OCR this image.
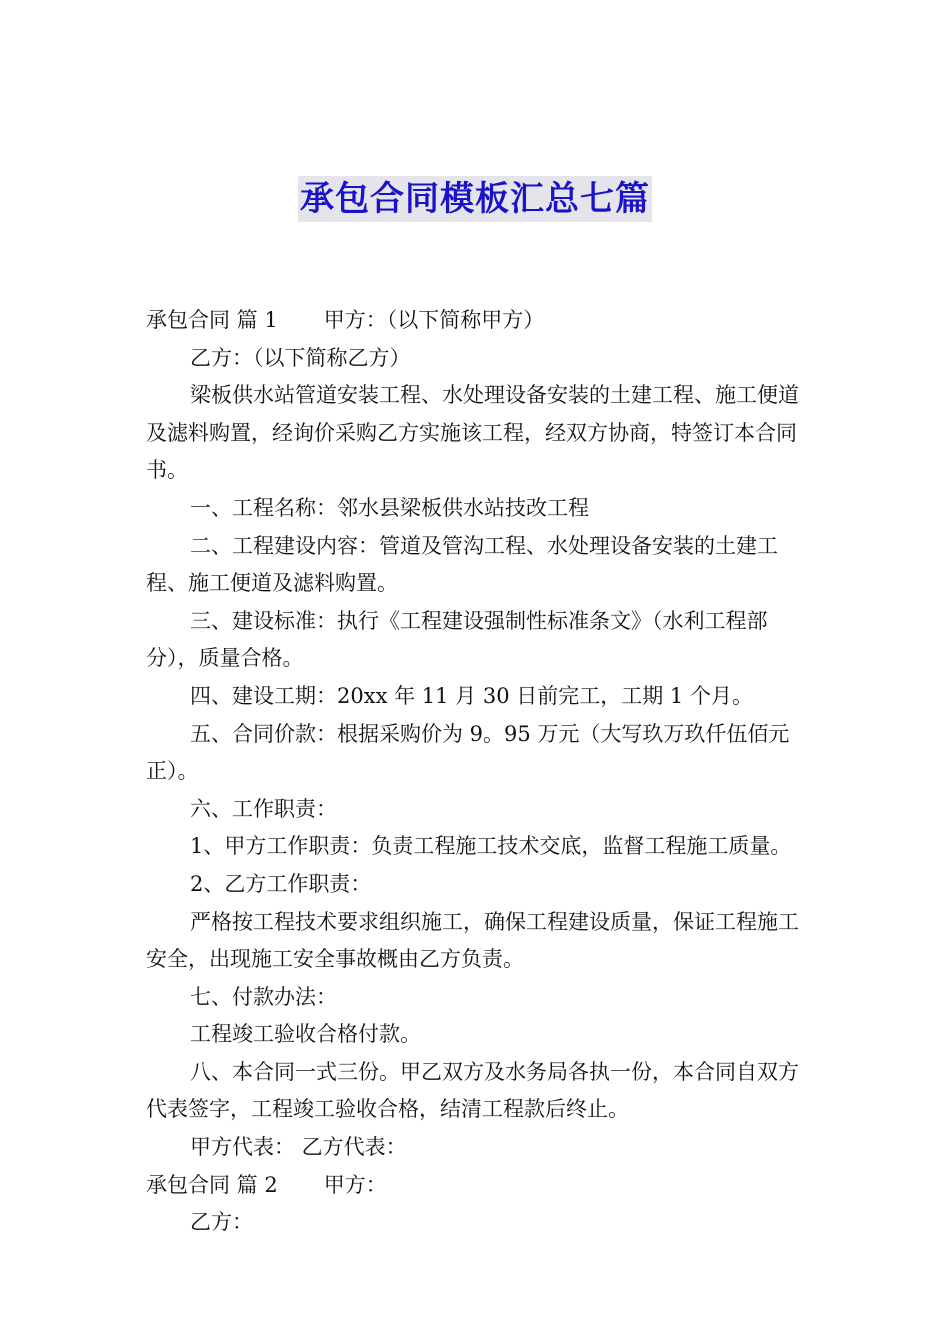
承包合同模板汇总七篇

承包合同 篇 1 甲方：（以下简称甲方）

乙方：（以下简称乙方）

梁板供水站管道安装工程、水处理设备安装的土建工程、施工便道及滤料购置，经询价采购乙方实施该工程，经双方协商，特签订本合同书。

一、工程名称：邻水县梁板供水站技改工程

二、工程建设内容：管道及管沟工程、水处理设备安装的土建工程、施工便道及滤料购置。

三、建设标准：执行《工程建设强制性标准条文》（水利工程部分），质量合格。

四、建设工期：20xx 年 11 月 30 日前完工，工期 1 个月。

五、合同价款：根据采购价为 9。95 万元（大写玖万玖仟伍佰元正）。

六、工作职责：

1、甲方工作职责：负责工程施工技术交底，监督工程施工质量。

2、乙方工作职责：

严格按工程技术要求组织施工，确保工程建设质量，保证工程施工安全，出现施工安全事故概由乙方负责。

七、付款办法：

工程竣工验收合格付款。

八、本合同一式三份。甲乙双方及水务局各执一份，本合同自双方代表签字，工程竣工验收合格，结清工程款后终止。

甲方代表： 乙方代表：

承包合同 篇 2 甲方：

乙方：
